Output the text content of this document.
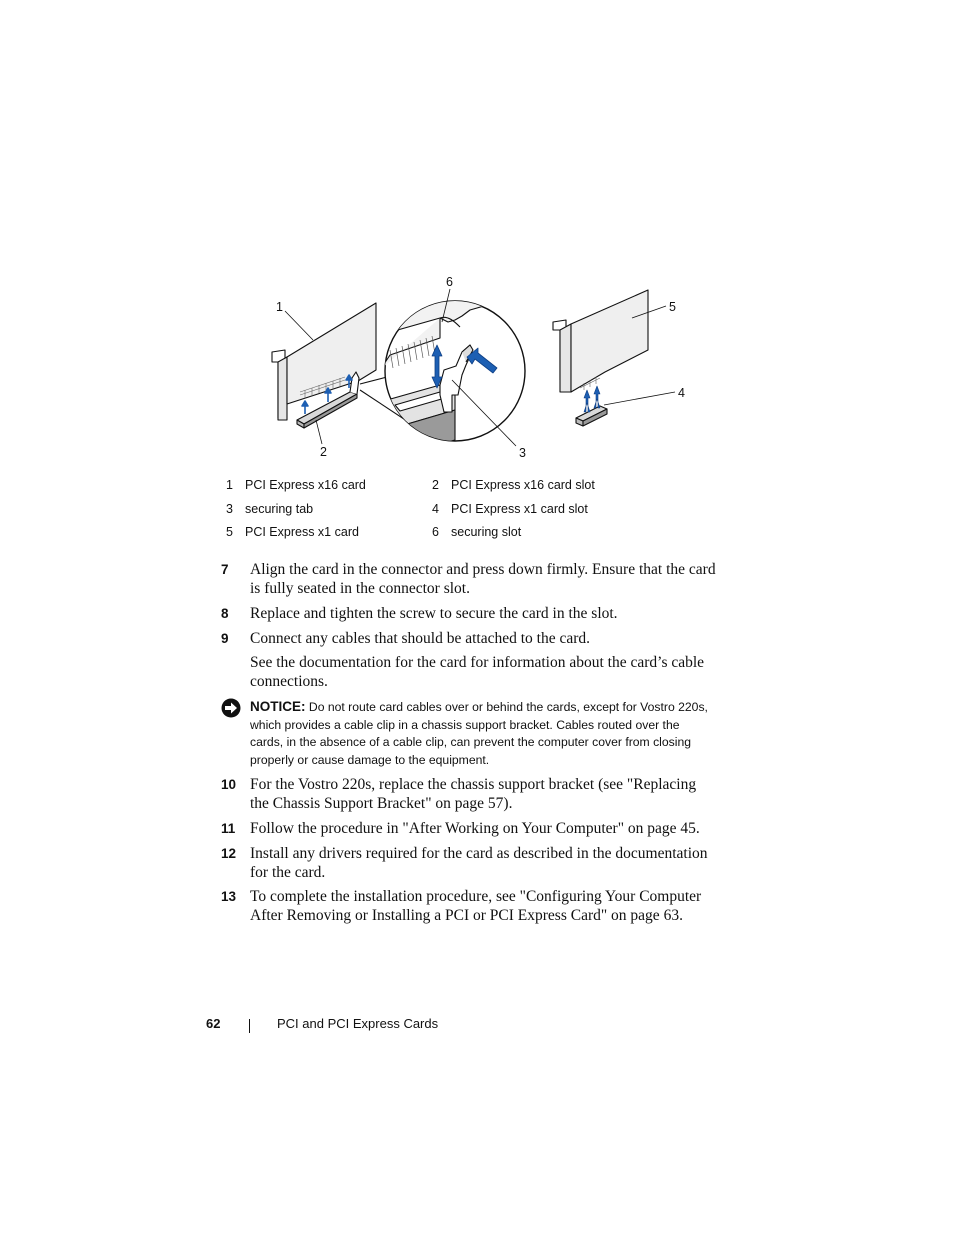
1
2	3
4
5
6
1 PCI Express x16 card	2 PCI Express x16 card slot
3 securing tab	4 PCI Express x1 card slot
5 PCI Express x1 card	6 securing slot
7 Align the card in the connector and press down firmly. Ensure that the card is fully seated in the connector slot.
8 Replace and tighten the screw to secure the card in the slot.
9 Connect any cables that should be attached to the card.
See the documentation for the card for information about the card’s cable connections.
NOTICE: Do not route card cables over or behind the cards, except for Vostro 220s, which provides a cable clip in a chassis support bracket. Cables routed over the cards, in the absence of a cable clip, can prevent the computer cover from closing properly or cause damage to the equipment.
10 For the Vostro 220s, replace the chassis support bracket (see "Replacing the Chassis Support Bracket" on page 57).
11 Follow the procedure in "After Working on Your Computer" on page 45.
12 Install any drivers required for the card as described in the documentation for the card.
13 To complete the installation procedure, see "Configuring Your Computer After Removing or Installing a PCI or PCI Express Card" on page 63.
62	PCI and PCI Express Cards
